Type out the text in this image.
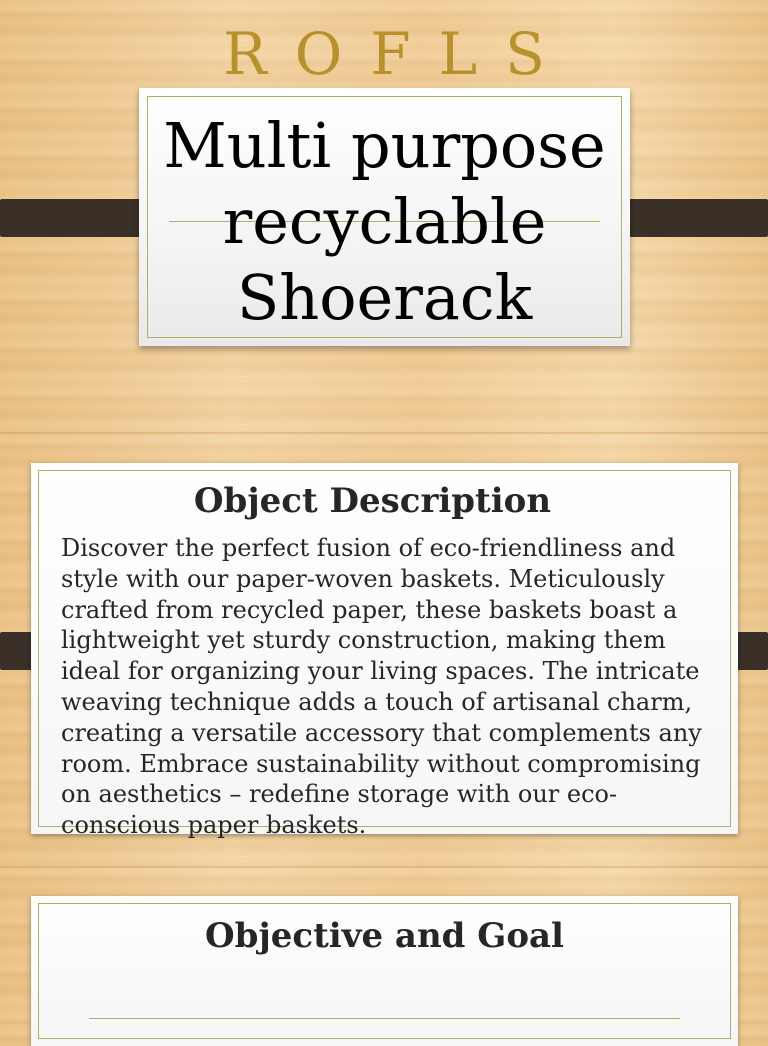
ROFLS
Multi purpose
recyclable
Shoerack
Object Description
Discover the perfect fusion of eco-friendliness and style with our paper-woven baskets. Meticulously crafted from recycled paper, these baskets boast a lightweight yet sturdy construction, making them ideal for organizing your living spaces. The intricate weaving technique adds a touch of artisanal charm, creating a versatile accessory that complements any room. Embrace sustainability without compromising on aesthetics – redefine storage with our eco-conscious paper baskets.
Objective and Goal
